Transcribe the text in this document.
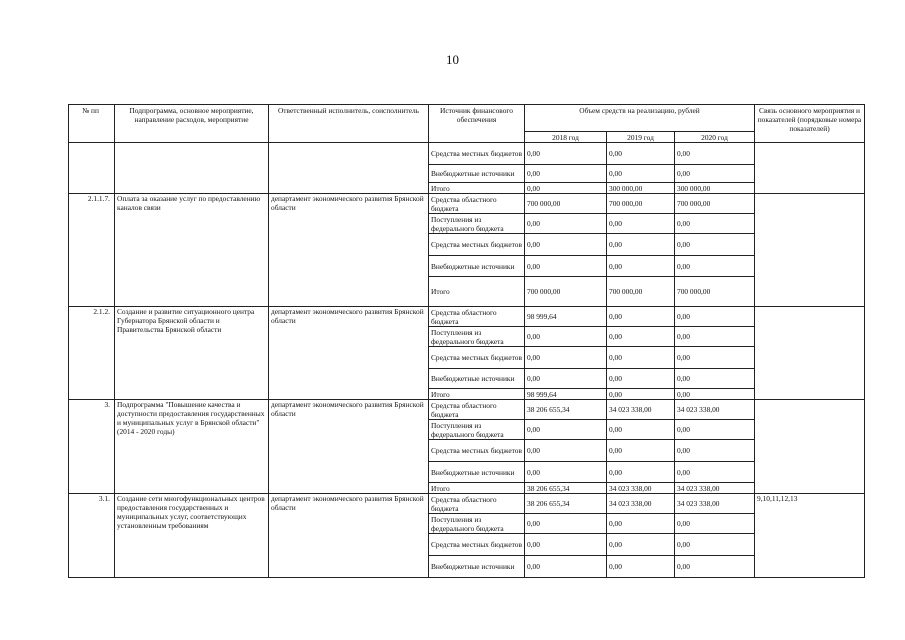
10
№ пп	Подпрограмма, основное мероприятие, направление расходов, мероприятие	Ответственный исполнитель, соисполнитель	Источник финансового обеспечения	Объем средств на реализацию, рублей			Связь основного мероприятия и показателей (порядковые номера показателей)
				2018 год	2019 год	2020 год	
			Средства местных бюджетов	0,00	0,00	0,00	
			Внебюджетные источники	0,00	0,00	0,00	
			Итого	0,00	300 000,00	300 000,00	
2.1.1.7.	Оплата за оказание услуг по предоставлению каналов связи	департамент экономического развития Брянской области	Средства областного бюджета	700 000,00	700 000,00	700 000,00	
			Поступления из федерального бюджета	0,00	0,00	0,00	
			Средства местных бюджетов	0,00	0,00	0,00	
			Внебюджетные источники	0,00	0,00	0,00	
			Итого	700 000,00	700 000,00	700 000,00	
2.1.2.	Создание и развитие ситуационного центра Губернатора Брянской области и Правительства Брянской области	департамент экономического развития Брянской области	Средства областного бюджета	98 999,64	0,00	0,00	
			Поступления из федерального бюджета	0,00	0,00	0,00	
			Средства местных бюджетов	0,00	0,00	0,00	
			Внебюджетные источники	0,00	0,00	0,00	
			Итого	98 999,64	0,00	0,00	
3.	Подпрограмма "Повышение качества и доступности предоставления государственных и муниципальных услуг в Брянской области" (2014 - 2020 годы)	департамент экономического развития Брянской области	Средства областного бюджета	38 206 655,34	34 023 338,00	34 023 338,00	
			Поступления из федерального бюджета	0,00	0,00	0,00	
			Средства местных бюджетов	0,00	0,00	0,00	
			Внебюджетные источники	0,00	0,00	0,00	
			Итого	38 206 655,34	34 023 338,00	34 023 338,00	
3.1.	Создание сети многофункциональных центров предоставления государственных и муниципальных услуг, соответствующих установленным требованиям	департамент экономического развития Брянской области	Средства областного бюджета	38 206 655,34	34 023 338,00	34 023 338,00	9,10,11,12,13
			Поступления из федерального бюджета	0,00	0,00	0,00	
			Средства местных бюджетов	0,00	0,00	0,00	
			Внебюджетные источники	0,00	0,00	0,00	
